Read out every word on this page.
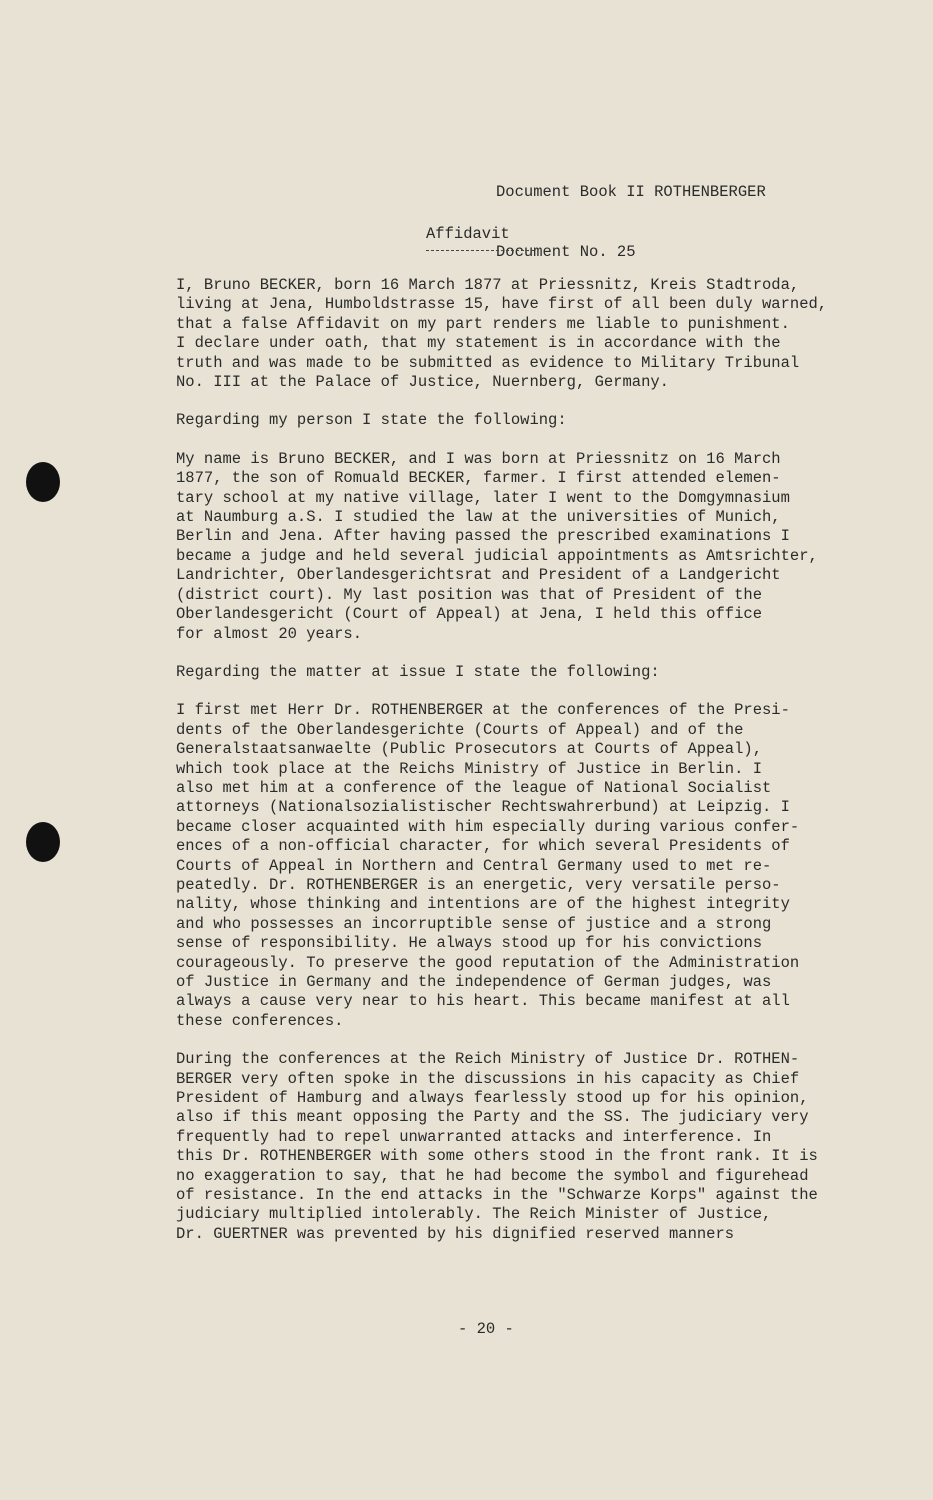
Document Book II ROTHENBERGER

Document No. 25

Affidavit
I, Bruno BECKER, born 16 March 1877 at Priessnitz, Kreis Stadtroda,
living at Jena, Humboldstrasse 15, have first of all been duly warned,
that a false Affidavit on my part renders me liable to punishment.
I declare under oath, that my statement is in accordance with the
truth and was made to be submitted as evidence to Military Tribunal
No. III at the Palace of Justice, Nuernberg, Germany.
Regarding my person I state the following:
My name is Bruno BECKER, and I was born at Priessnitz on 16 March
1877, the son of Romuald BECKER, farmer. I first attended elemen-
tary school at my native village, later I went to the Domgymnasium
at Naumburg a.S. I studied the law at the universities of Munich,
Berlin and Jena. After having passed the prescribed examinations I
became a judge and held several judicial appointments as Amtsrichter,
Landrichter, Oberlandesgerichtsrat and President of a Landgericht
(district court). My last position was that of President of the
Oberlandesgericht (Court of Appeal) at Jena, I held this office
for almost 20 years.
Regarding the matter at issue I state the following:
I first met Herr Dr. ROTHENBERGER at the conferences of the Presi-
dents of the Oberlandesgerichte (Courts of Appeal) and of the
Generalstaatsanwaelte (Public Prosecutors at Courts of Appeal),
which took place at the Reichs Ministry of Justice in Berlin. I
also met him at a conference of the league of National Socialist
attorneys (Nationalsozialistischer Rechtswahrerbund) at Leipzig. I
became closer acquainted with him especially during various confer-
ences of a non-official character, for which several Presidents of
Courts of Appeal in Northern and Central Germany used to met re-
peatedly. Dr. ROTHENBERGER is an energetic, very versatile perso-
nality, whose thinking and intentions are of the highest integrity
and who possesses an incorruptible sense of justice and a strong
sense of responsibility. He always stood up for his convictions
courageously. To preserve the good reputation of the Administration
of Justice in Germany and the independence of German judges, was
always a cause very near to his heart. This became manifest at all
these conferences.
During the conferences at the Reich Ministry of Justice Dr. ROTHEN-
BERGER very often spoke in the discussions in his capacity as Chief
President of Hamburg and always fearlessly stood up for his opinion,
also if this meant opposing the Party and the SS. The judiciary very
frequently had to repel unwarranted attacks and interference. In
this Dr. ROTHENBERGER with some others stood in the front rank. It is
no exaggeration to say, that he had become the symbol and figurehead
of resistance. In the end attacks in the "Schwarze Korps" against the
judiciary multiplied intolerably. The Reich Minister of Justice,
Dr. GUERTNER was prevented by his dignified reserved manners
- 20 -
